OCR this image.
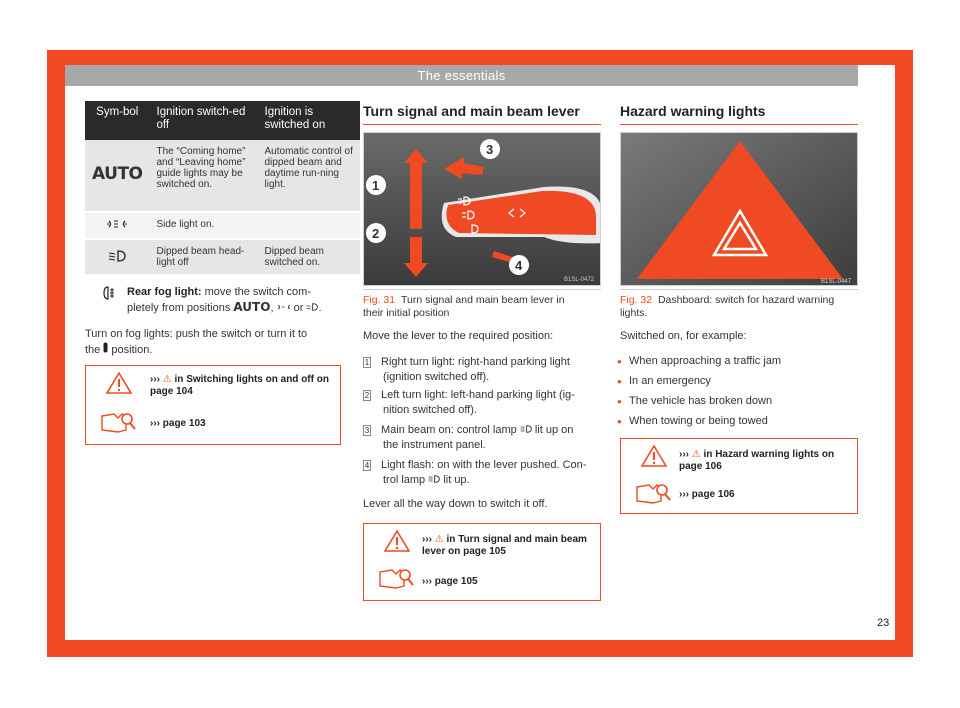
The essentials
Sym-bol	Ignition switch-ed off	Ignition is switched on
AUTO	The “Coming home” and “Leaving home” guide lights may be switched on.	Automatic control of dipped beam and daytime run-ning light.
	Side light on.	
	Dipped beam head-light off	Dipped beam switched on.

Rear fog light: move the switch com-
pletely from positions AUTO,  or .
Turn on fog lights: push the switch or turn it to
the position.
››› ⚠ in Switching lights on and off on
page 104
››› page 103
Turn signal and main beam lever
1
2
3
4
B1SL-0472
Fig. 31 Turn signal and main beam lever in
their initial position
Move the lever to the required position:
1 Right turn light: right-hand parking light
(ignition switched off).
2 Left turn light: left-hand parking light (ig-
nition switched off).
3 Main beam on: control lamp lit up on
the instrument panel.
4 Light flash: on with the lever pushed. Con-
trol lamp lit up.
Lever all the way down to switch it off.
››› ⚠ in Turn signal and main beam
lever on page 105
››› page 105
Hazard warning lights
B1SL-0447
Fig. 32 Dashboard: switch for hazard warning
lights.
Switched on, for example:
● When approaching a traffic jam
● In an emergency
● The vehicle has broken down
● When towing or being towed
››› ⚠ in Hazard warning lights on
page 106
››› page 106
23
